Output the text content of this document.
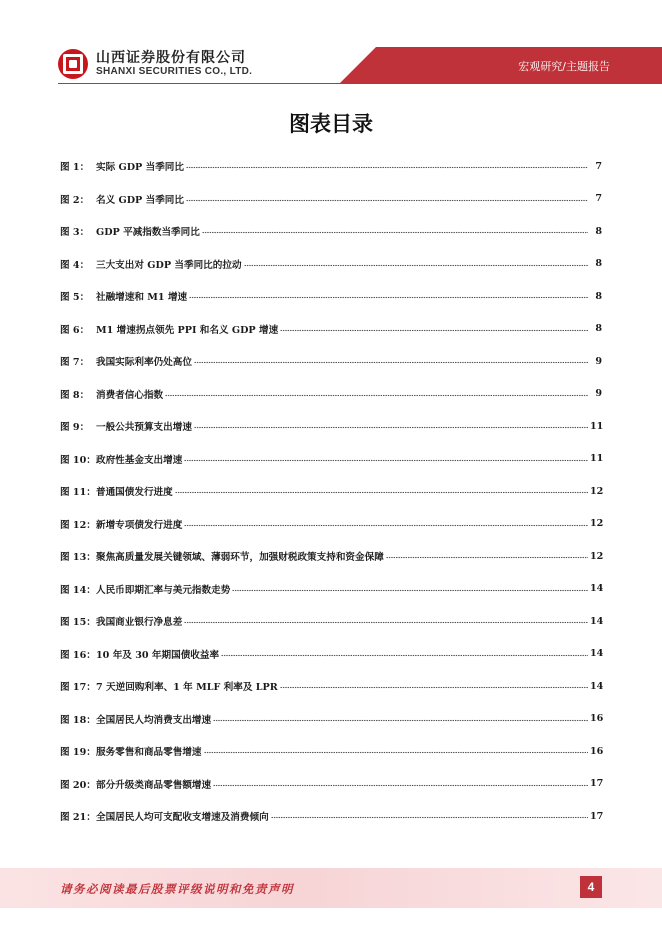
山西证券股份有限公司
SHANXI SECURITIES CO., LTD.	宏观研究/主题报告
图表目录
图 1： 实际 GDP 当季同比	7
图 2： 名义 GDP 当季同比	7
图 3： GDP 平减指数当季同比	8
图 4： 三大支出对 GDP 当季同比的拉动	8
图 5： 社融增速和 M1 增速	8
图 6： M1 增速拐点领先 PPI 和名义 GDP 增速	8
图 7： 我国实际利率仍处高位	9
图 8： 消费者信心指数	9
图 9： 一般公共预算支出增速	11
图 10： 政府性基金支出增速	11
图 11： 普通国债发行进度	12
图 12： 新增专项债发行进度	12
图 13： 聚焦高质量发展关键领域、薄弱环节，加强财税政策支持和资金保障	12
图 14： 人民币即期汇率与美元指数走势	14
图 15： 我国商业银行净息差	14
图 16： 10 年及 30 年期国债收益率	14
图 17： 7 天逆回购利率、1 年 MLF 利率及 LPR	14
图 18： 全国居民人均消费支出增速	16
图 19： 服务零售和商品零售增速	16
图 20： 部分升级类商品零售额增速	17
图 21： 全国居民人均可支配收支增速及消费倾向	17
请务必阅读最后股票评级说明和免责声明	4
